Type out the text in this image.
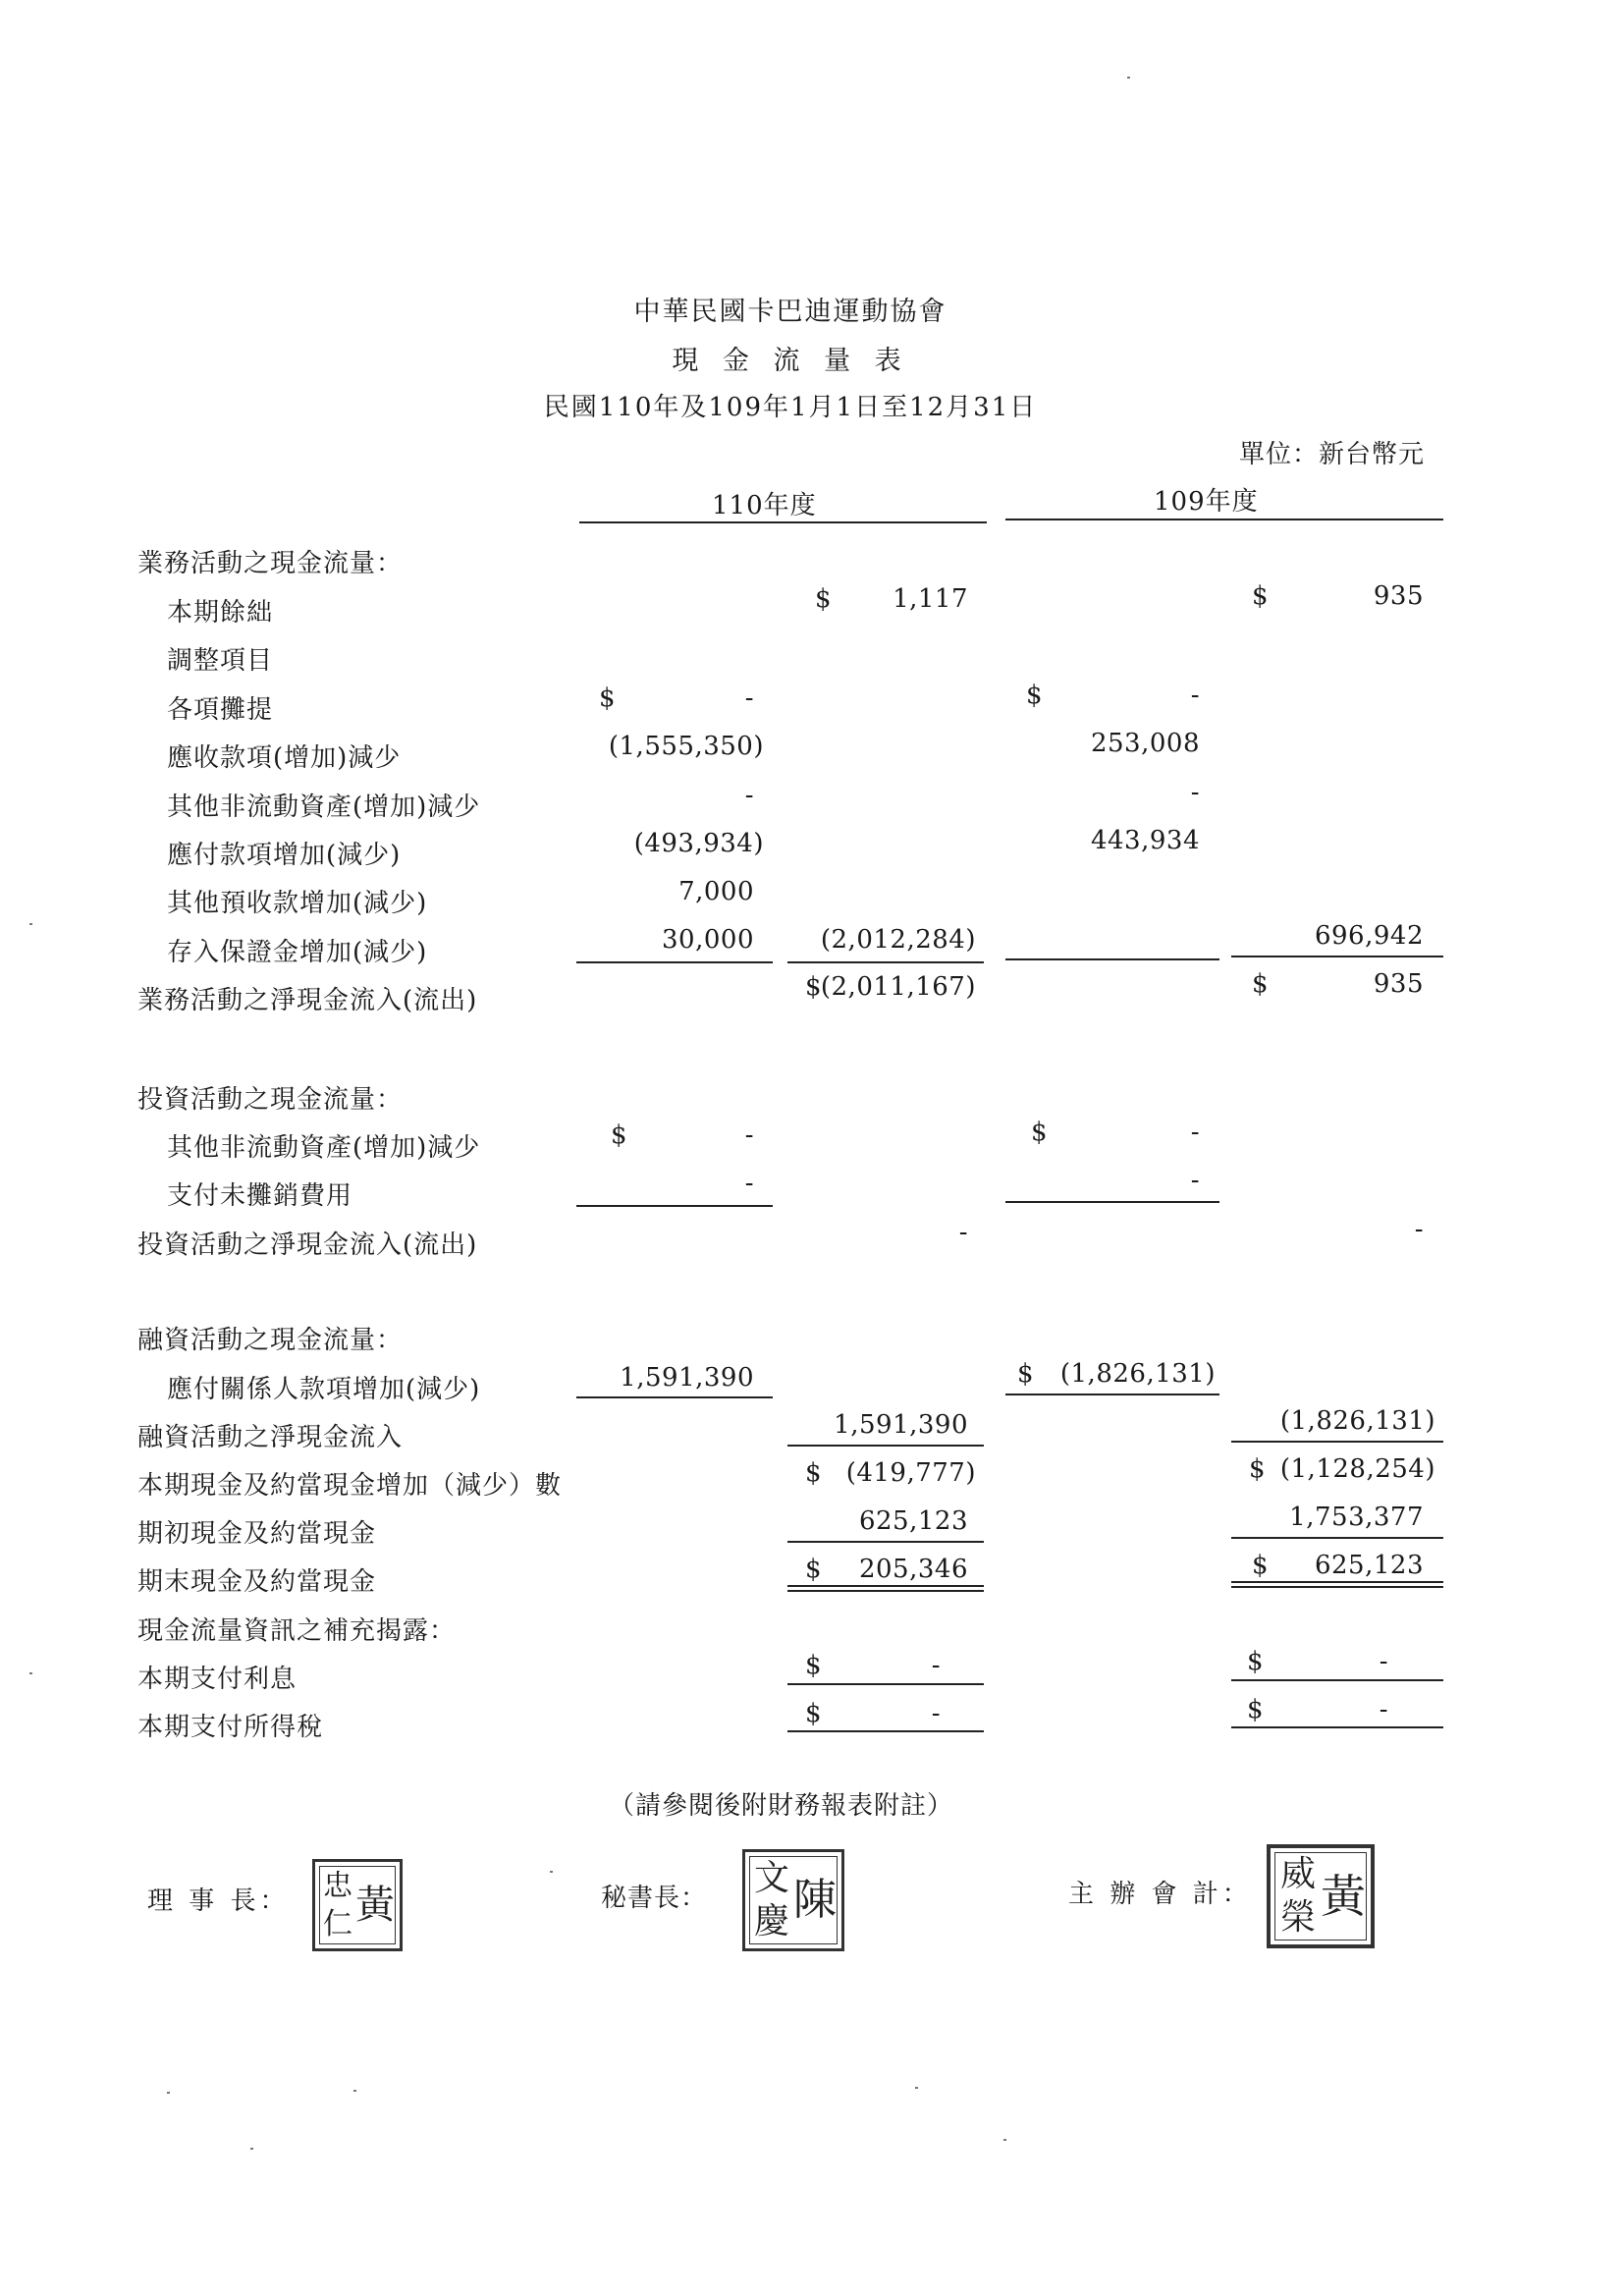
中華民國卡巴迪運動協會
現 金 流 量 表
民國110年及109年1月1日至12月31日
單位：新台幣元
110年度	109年度
業務活動之現金流量：
本期餘絀	$ 1,117	$	935
調整項目
各項攤提	$	-	$	-
應收款項(增加)減少	(1,555,350)	253,008
其他非流動資產(增加)減少	-	-
應付款項增加(減少)	(493,934)	443,934
其他預收款增加(減少)	7,000
存入保證金增加(減少)	30,000	(2,012,284)	696,942
業務活動之淨現金流入(流出)	$ (2,011,167)	$	935
投資活動之現金流量：
其他非流動資產(增加)減少	$	-	$	-
支付未攤銷費用	-	-
投資活動之淨現金流入(流出)	-	-
融資活動之現金流量：
應付關係人款項增加(減少)	1,591,390	$ (1,826,131)
融資活動之淨現金流入	1,591,390	(1,826,131)
本期現金及約當現金增加（減少）數	$ (419,777)	$ (1,128,254)
期初現金及約當現金	625,123	1,753,377
期末現金及約當現金	$ 205,346	$ 625,123
現金流量資訊之補充揭露：
本期支付利息	$	-	$	-
本期支付所得稅	$	-	$	-
（請參閱後附財務報表附註）
理 事 長： 忠 黃
仁
秘書長： 文 陳
慶
主 辦 會 計： 威 黃
榮
